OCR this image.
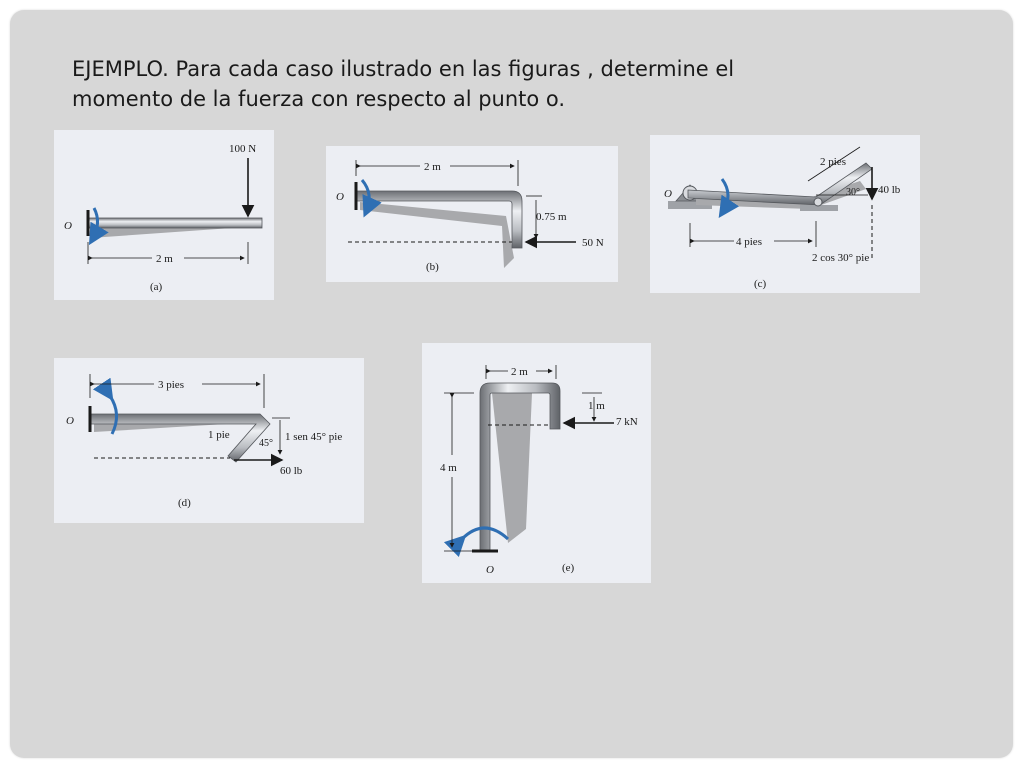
EJEMPLO. Para cada caso ilustrado en las figuras , determine el
momento de la fuerza con respecto al punto o.

100 N
O
2 m
(a)
O
2 m
0.75 m
50 N
(b)
O	40 lb
30°
2 pies
4 pies
2 cos 30° pie
(c)
O
3 pies
1 pie
45°
1 sen 45° pie
60 lb
(d)
O
2 m
4 m
1 m
7 kN
(e)
